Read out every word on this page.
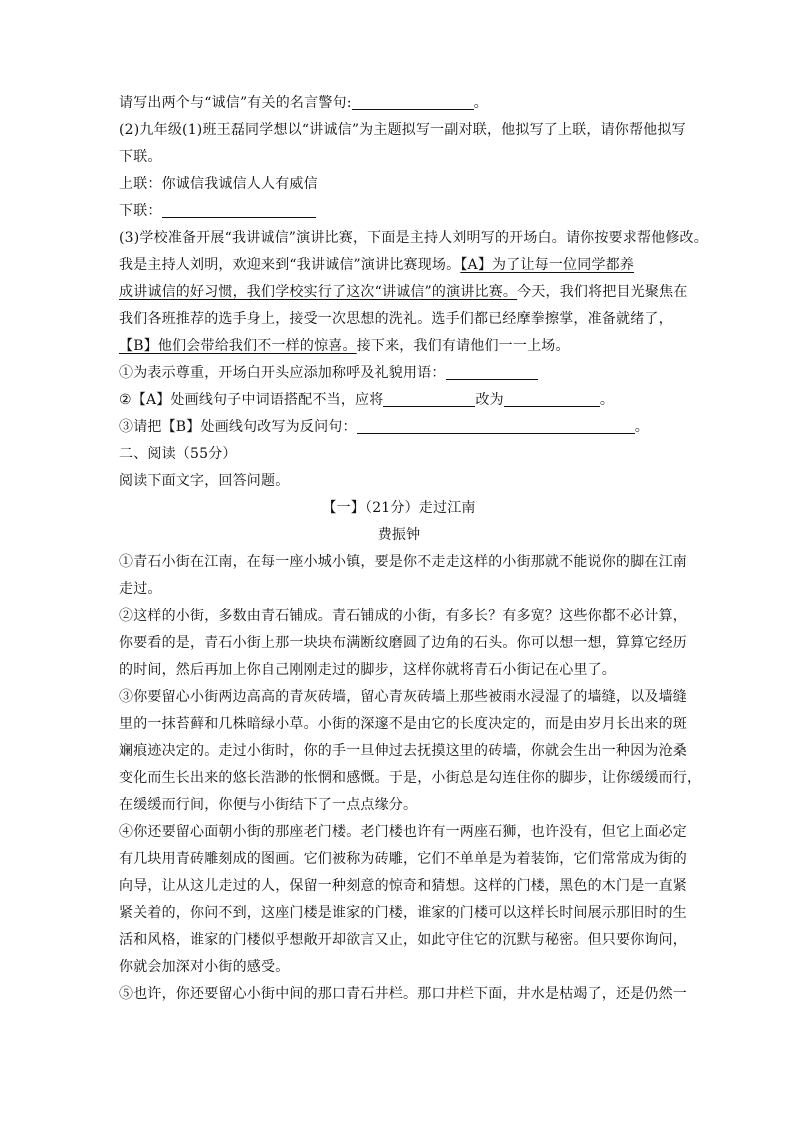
请写出两个与“诚信”有关的名言警句:	。
(2)九年级(1)班王磊同学想以“讲诚信”为主题拟写一副对联，他拟写了上联，请你帮他拟写
下联。
上联：你诚信我诚信人人有威信
下联：
(3)学校准备开展“我讲诚信”演讲比赛，下面是主持人刘明写的开场白。请你按要求帮他修改。
我是主持人刘明，欢迎来到“我讲诚信”演讲比赛现场。【A】为了让每一位同学都养
成讲诚信的好习惯，我们学校实行了这次“讲诚信”的演讲比赛。今天，我们将把目光聚焦在
我们各班推荐的选手身上，接受一次思想的洗礼。选手们都已经摩拳擦掌，准备就绪了，
【B】他们会带给我们不一样的惊喜。接下来，我们有请他们一一上场。
①为表示尊重，开场白开头应添加称呼及礼貌用语：
②【A】处画线句子中词语搭配不当，应将	改为	。
③请把【B】处画线句改写为反问句：	。
二、阅读（55分）
阅读下面文字，回答问题。
【一】（21分）走过江南
费振钟
①青石小街在江南，在每一座小城小镇，要是你不走走这样的小街那就不能说你的脚在江南
走过。
②这样的小街，多数由青石铺成。青石铺成的小街，有多长？有多宽？这些你都不必计算，
你要看的是，青石小街上那一块块布满断纹磨圆了边角的石头。你可以想一想，算算它经历
的时间，然后再加上你自己刚刚走过的脚步，这样你就将青石小街记在心里了。
③你要留心小街两边高高的青灰砖墙，留心青灰砖墙上那些被雨水浸湿了的墙缝，以及墙缝
里的一抹苔藓和几株暗绿小草。小街的深邃不是由它的长度决定的，而是由岁月长出来的斑
斓痕迹决定的。走过小街时，你的手一旦伸过去抚摸这里的砖墙，你就会生出一种因为沧桑
变化而生长出来的悠长浩渺的怅惘和感慨。于是，小街总是勾连住你的脚步，让你缓缓而行，
在缓缓而行间，你便与小街结下了一点点缘分。
④你还要留心面朝小街的那座老门楼。老门楼也许有一两座石狮，也许没有，但它上面必定
有几块用青砖雕刻成的图画。它们被称为砖雕，它们不单单是为着装饰，它们常常成为街的
向导，让从这儿走过的人，保留一种刻意的惊奇和猜想。这样的门楼，黑色的木门是一直紧
紧关着的，你问不到，这座门楼是谁家的门楼，谁家的门楼可以这样长时间展示那旧时的生
活和风格，谁家的门楼似乎想敞开却欲言又止，如此守住它的沉默与秘密。但只要你询问，
你就会加深对小街的感受。
⑤也许，你还要留心小街中间的那口青石井栏。那口井栏下面，井水是枯竭了，还是仍然一
